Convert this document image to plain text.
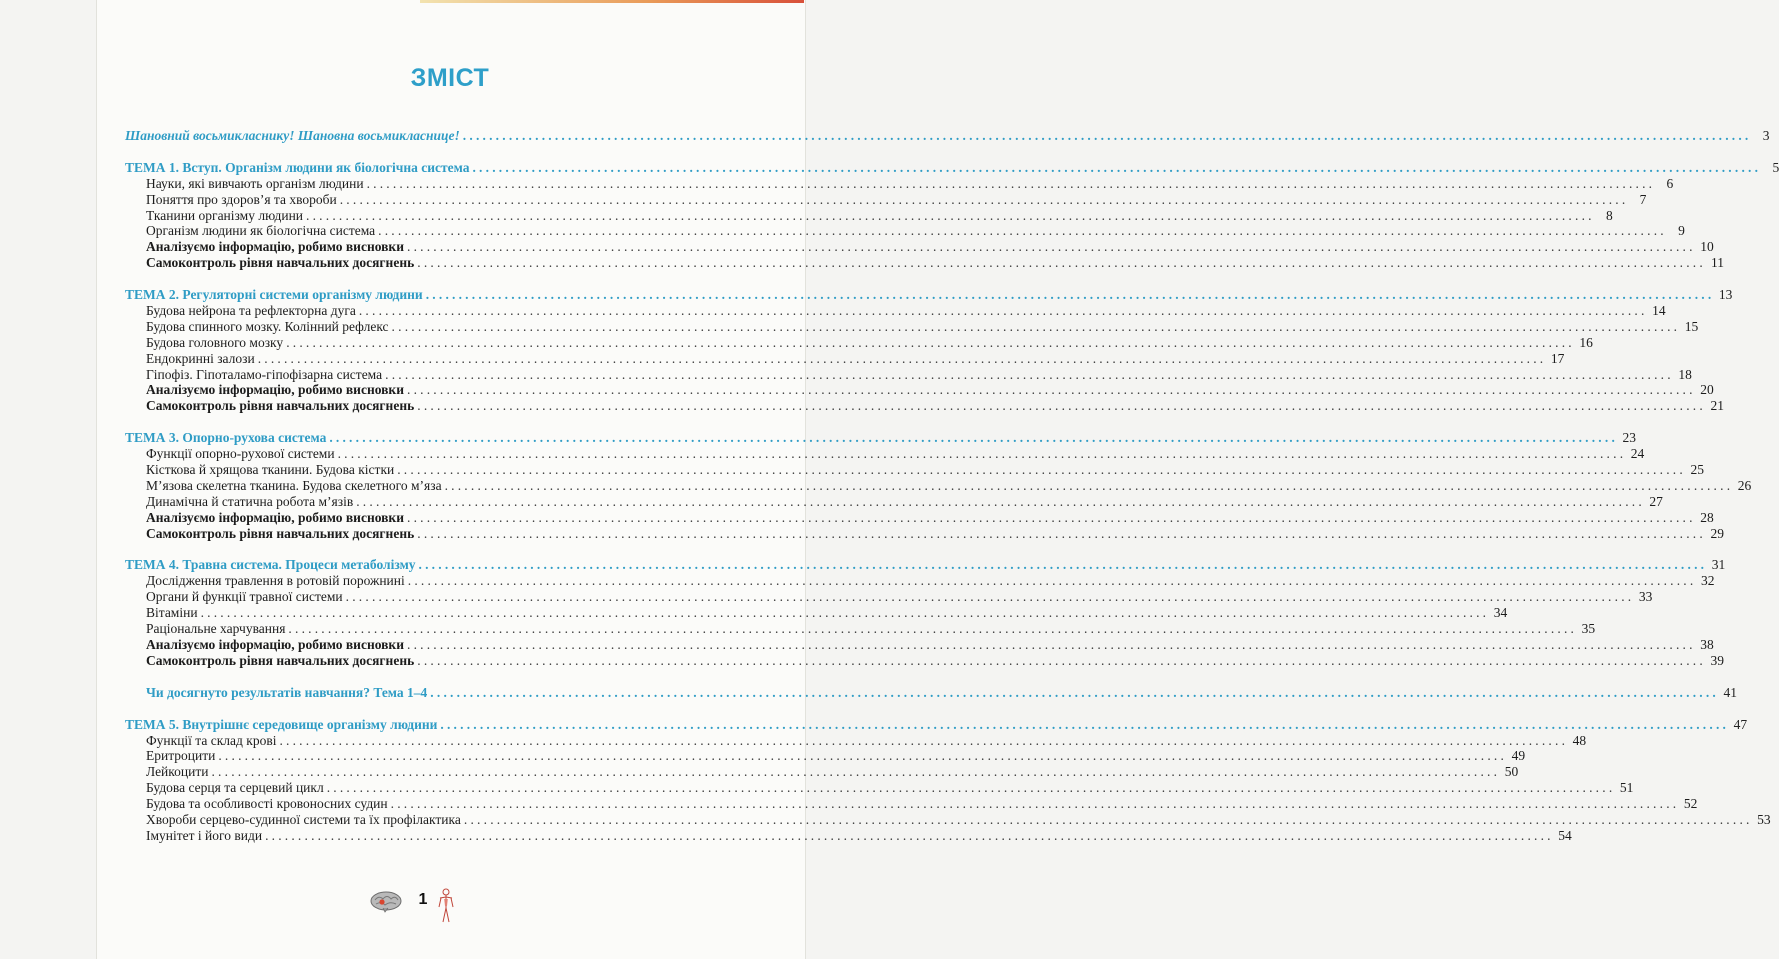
ЗМІСТ
Шановний восьмикласнику! Шановна восьмикласнице! .....	3
ТЕМА 1. Вступ. Організм людини як біологічна система .....	5
Науки, які вивчають організм людини .....	6
Поняття про здоров’я та хвороби .....	7
Тканини організму людини .....	8
Організм людини як біологічна система .....	9
Аналізуємо інформацію, робимо висновки .....	10
Самоконтроль рівня навчальних досягнень .....	11
ТЕМА 2. Регуляторні системи організму людини .....	13
Будова нейрона та рефлекторна дуга .....	14
Будова спинного мозку. Колінний рефлекс .....	15
Будова головного мозку .....	16
Ендокринні залози .....	17
Гіпофіз. Гіпоталамо-гіпофізарна система .....	18
Аналізуємо інформацію, робимо висновки .....	20
Самоконтроль рівня навчальних досягнень .....	21
ТЕМА 3. Опорно-рухова система .....	23
Функції опорно-рухової системи .....	24
Кісткова й хрящова тканини. Будова кістки .....	25
М’язова скелетна тканина. Будова скелетного м’яза .....	26
Динамічна й статична робота м’язів .....	27
Аналізуємо інформацію, робимо висновки .....	28
Самоконтроль рівня навчальних досягнень .....	29
ТЕМА 4. Травна система. Процеси метаболізму .....	31
Дослідження травлення в ротовій порожнині .....	32
Органи й функції травної системи .....	33
Вітаміни .....	34
Раціональне харчування .....	35
Аналізуємо інформацію, робимо висновки .....	38
Самоконтроль рівня навчальних досягнень .....	39
Чи досягнуто результатів навчання? Тема 1–4 .....	41
ТЕМА 5. Внутрішнє середовище організму людини .....	47
Функції та склад крові .....	48
Еритроцити .....	49
Лейкоцити .....	50
Будова серця та серцевий цикл .....	51
Будова та особливості кровоносних судин .....	52
Хвороби серцево-судинної системи та їх профілактика .....	53
Імунітет і його види .....	54
1
